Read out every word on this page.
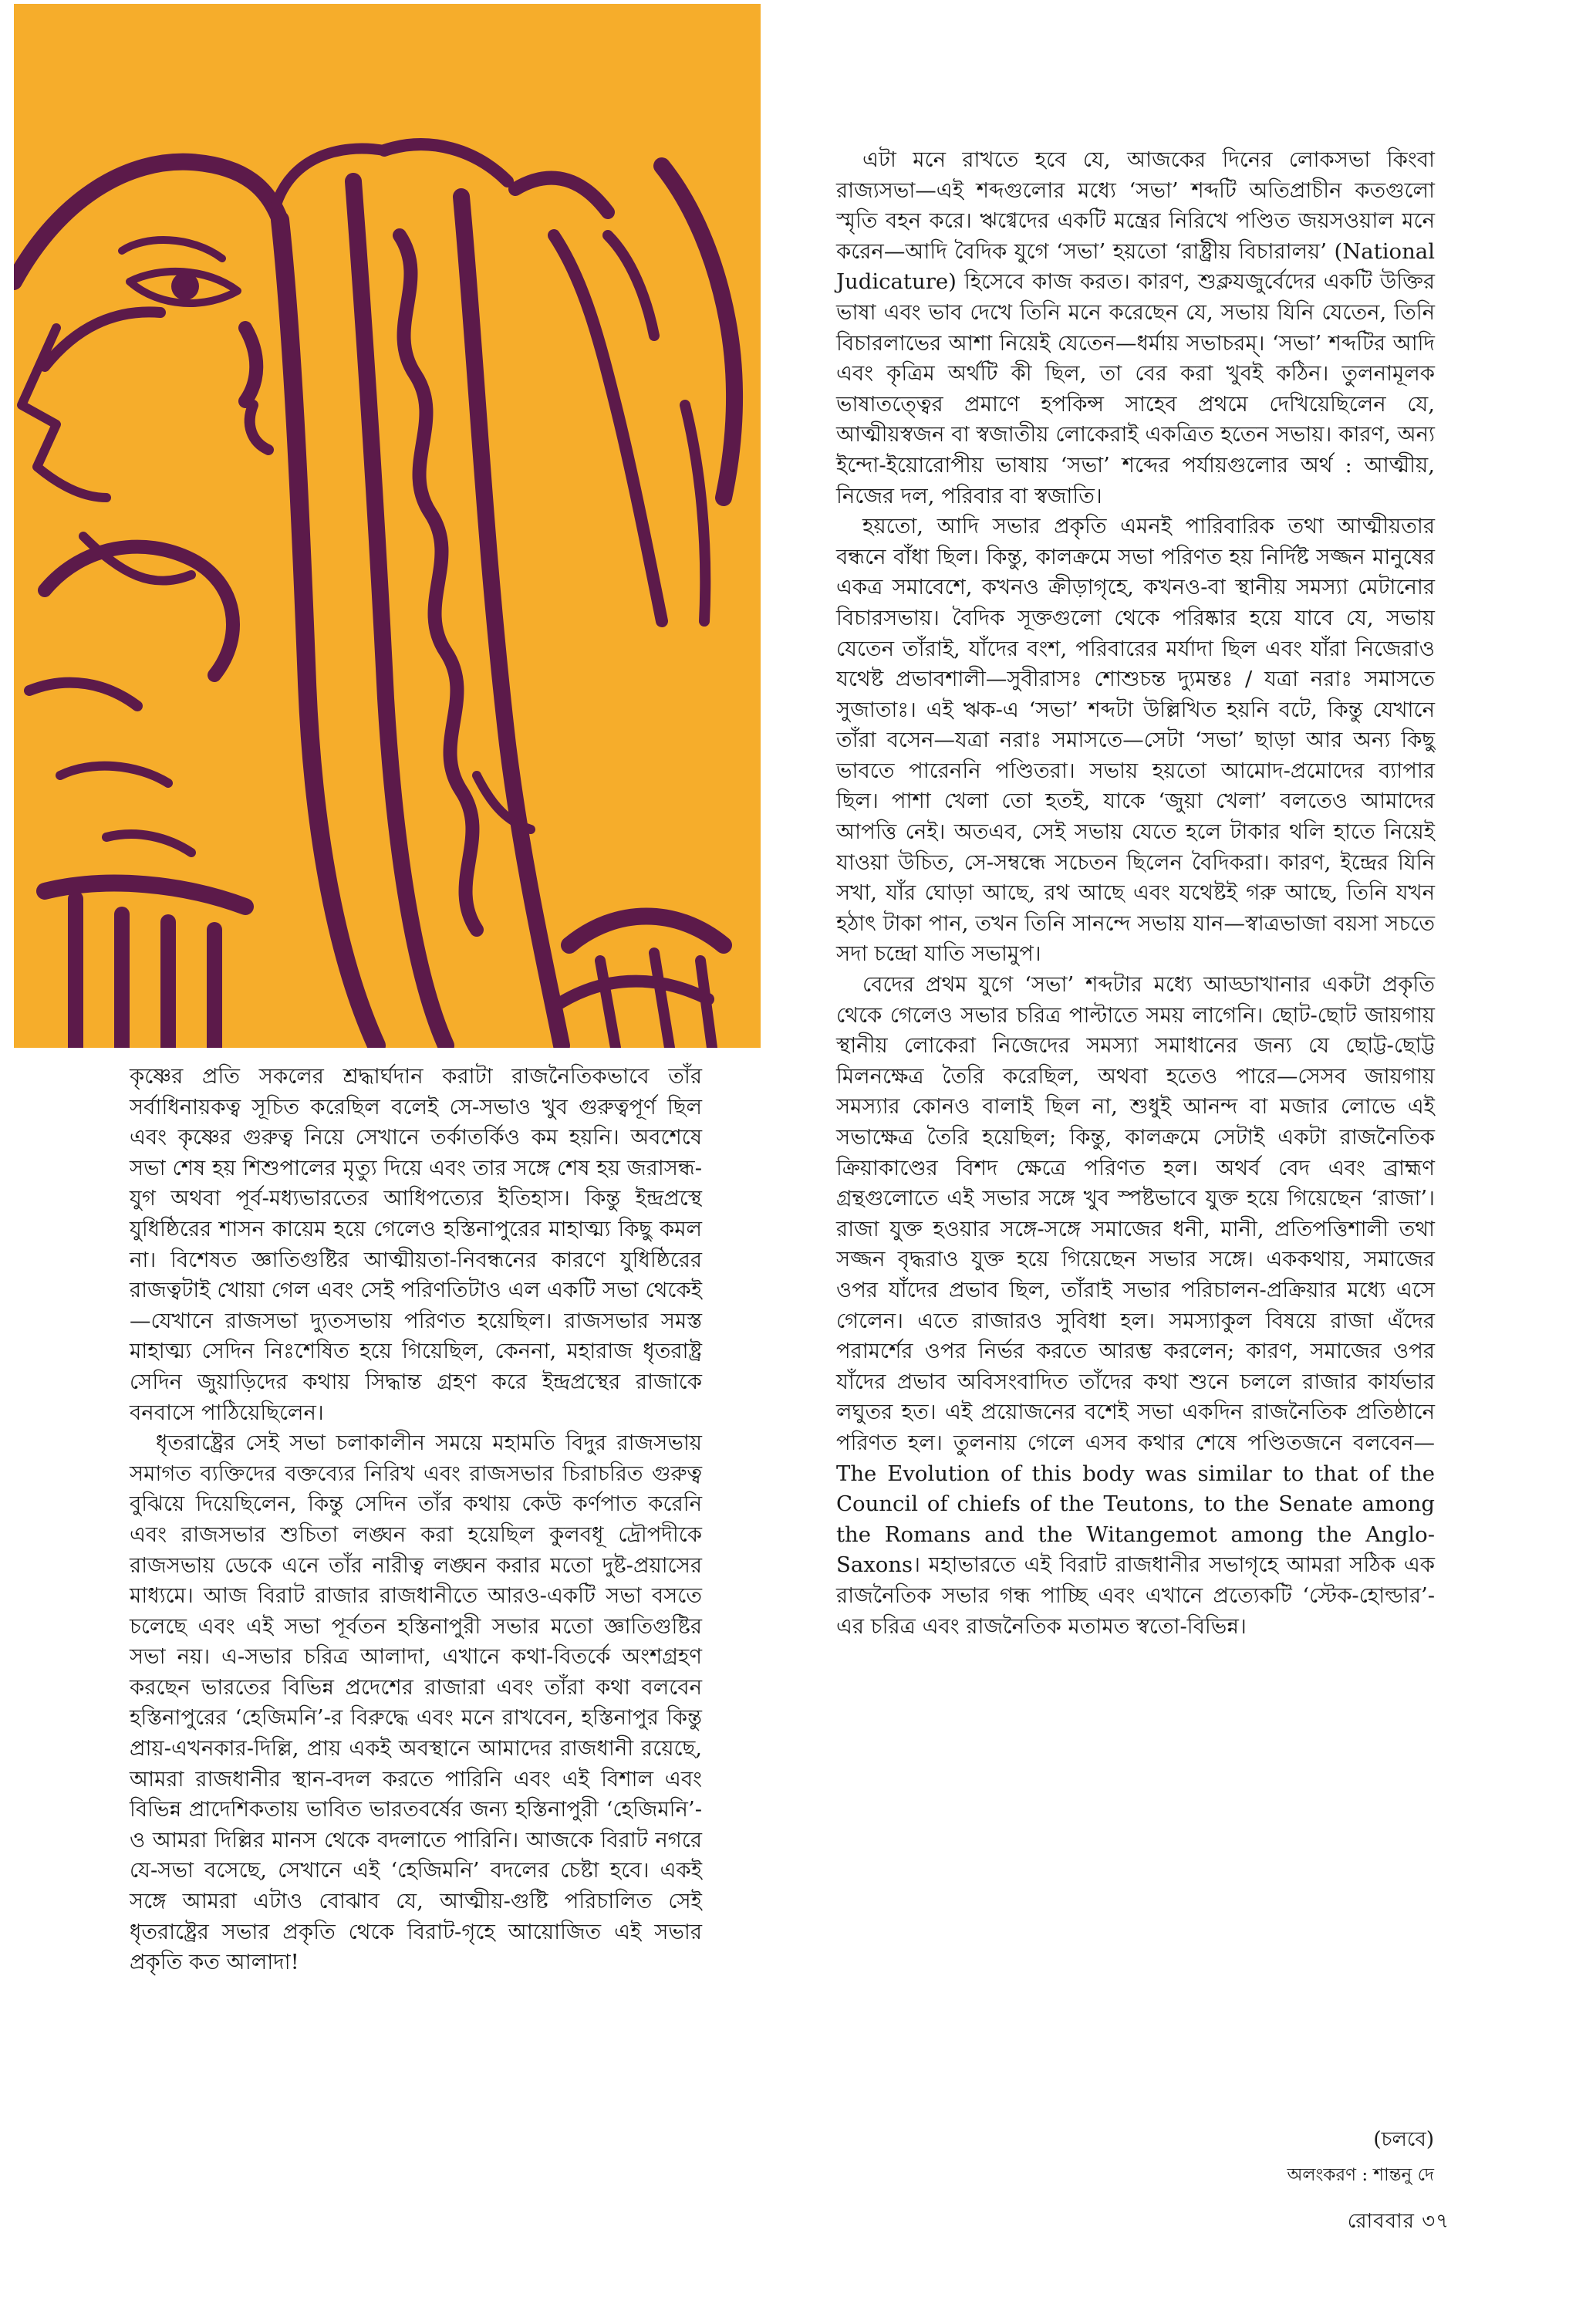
কৃষ্ণের প্রতি সকলের শ্রদ্ধার্ঘদান করাটা রাজনৈতিকভাবে তাঁর সর্বাধিনায়কত্ব সূচিত করেছিল বলেই সে-সভাও খুব গুরুত্বপূর্ণ ছিল এবং কৃষ্ণের গুরুত্ব নিয়ে সেখানে তর্কাতর্কিও কম হয়নি। অবশেষে সভা শেষ হয় শিশুপালের মৃত্যু দিয়ে এবং তার সঙ্গে শেষ হয় জরাসন্ধ-যুগ অথবা পূর্ব-মধ্যভারতের আধিপত্যের ইতিহাস। কিন্তু ইন্দ্রপ্রস্থে যুধিষ্ঠিরের শাসন কায়েম হয়ে গেলেও হস্তিনাপুরের মাহাত্ম্য কিছু কমল না। বিশেষত জ্ঞাতিগুষ্টির আত্মীয়তা-নিবন্ধনের কারণে যুধিষ্ঠিরের রাজত্বটাই খোয়া গেল এবং সেই পরিণতিটাও এল একটি সভা থেকেই—যেখানে রাজসভা দ্যুতসভায় পরিণত হয়েছিল। রাজসভার সমস্ত মাহাত্ম্য সেদিন নিঃশেষিত হয়ে গিয়েছিল, কেননা, মহারাজ ধৃতরাষ্ট্র সেদিন জুয়াড়িদের কথায় সিদ্ধান্ত গ্রহণ করে ইন্দ্রপ্রস্থের রাজাকে বনবাসে পাঠিয়েছিলেন।

ধৃতরাষ্ট্রের সেই সভা চলাকালীন সময়ে মহামতি বিদুর রাজসভায় সমাগত ব্যক্তিদের বক্তব্যের নিরিখ এবং রাজসভার চিরাচরিত গুরুত্ব বুঝিয়ে দিয়েছিলেন, কিন্তু সেদিন তাঁর কথায় কেউ কর্ণপাত করেনি এবং রাজসভার শুচিতা লঙ্ঘন করা হয়েছিল কুলবধূ দ্রৌপদীকে রাজসভায় ডেকে এনে তাঁর নারীত্ব লঙ্ঘন করার মতো দুষ্ট-প্রয়াসের মাধ্যমে। আজ বিরাট রাজার রাজধানীতে আরও-একটি সভা বসতে চলেছে এবং এই সভা পূর্বতন হস্তিনাপুরী সভার মতো জ্ঞাতিগুষ্টির সভা নয়। এ-সভার চরিত্র আলাদা, এখানে কথা-বিতর্কে অংশগ্রহণ করছেন ভারতের বিভিন্ন প্রদেশের রাজারা এবং তাঁরা কথা বলবেন হস্তিনাপুরের ‘হেজিমনি’-র বিরুদ্ধে এবং মনে রাখবেন, হস্তিনাপুর কিন্তু প্রায়-এখনকার-দিল্লি, প্রায় একই অবস্থানে আমাদের রাজধানী রয়েছে, আমরা রাজধানীর স্থান-বদল করতে পারিনি এবং এই বিশাল এবং বিভিন্ন প্রাদেশিকতায় ভাবিত ভারতবর্ষের জন্য হস্তিনাপুরী ‘হেজিমনি’-ও আমরা দিল্লির মানস থেকে বদলাতে পারিনি। আজকে বিরাট নগরে যে-সভা বসেছে, সেখানে এই ‘হেজিমনি’ বদলের চেষ্টা হবে। একই সঙ্গে আমরা এটাও বোঝাব যে, আত্মীয়-গুষ্টি পরিচালিত সেই ধৃতরাষ্ট্রের সভার প্রকৃতি থেকে বিরাট-গৃহে আয়োজিত এই সভার প্রকৃতি কত আলাদা!

এটা মনে রাখতে হবে যে, আজকের দিনের লোকসভা কিংবা রাজ্যসভা—এই শব্দগুলোর মধ্যে ‘সভা’ শব্দটি অতিপ্রাচীন কতগুলো স্মৃতি বহন করে। ঋগ্বেদের একটি মন্ত্রের নিরিখে পণ্ডিত জয়সওয়াল মনে করেন—আদি বৈদিক যুগে ‘সভা’ হয়তো ‘রাষ্ট্রীয় বিচারালয়’ (National Judicature) হিসেবে কাজ করত। কারণ, শুক্লযজুর্বেদের একটি উক্তির ভাষা এবং ভাব দেখে তিনি মনে করেছেন যে, সভায় যিনি যেতেন, তিনি বিচারলাভের আশা নিয়েই যেতেন—ধর্মায় সভাচরম্। ‘সভা’ শব্দটির আদি এবং কৃত্রিম অর্থটি কী ছিল, তা বের করা খুবই কঠিন। তুলনামূলক ভাষাতত্ত্বের প্রমাণে হপকিন্স সাহেব প্রথমে দেখিয়েছিলেন যে, আত্মীয়স্বজন বা স্বজাতীয় লোকেরাই একত্রিত হতেন সভায়। কারণ, অন্য ইন্দো-ইয়োরোপীয় ভাষায় ‘সভা’ শব্দের পর্যায়গুলোর অর্থ : আত্মীয়, নিজের দল, পরিবার বা স্বজাতি।

হয়তো, আদি সভার প্রকৃতি এমনই পারিবারিক তথা আত্মীয়তার বন্ধনে বাঁধা ছিল। কিন্তু, কালক্রমে সভা পরিণত হয় নির্দিষ্ট সজ্জন মানুষের একত্র সমাবেশে, কখনও ক্রীড়াগৃহে, কখনও-বা স্থানীয় সমস্যা মেটানোর বিচারসভায়। বৈদিক সূক্তগুলো থেকে পরিষ্কার হয়ে যাবে যে, সভায় যেতেন তাঁরাই, যাঁদের বংশ, পরিবারের মর্যাদা ছিল এবং যাঁরা নিজেরাও যথেষ্ট প্রভাবশালী—সুবীরাসঃ শোশুচন্ত দ্যুমন্তঃ / যত্রা নরাঃ সমাসতে সুজাতাঃ। এই ঋক-এ ‘সভা’ শব্দটা উল্লিখিত হয়নি বটে, কিন্তু যেখানে তাঁরা বসেন—যত্রা নরাঃ সমাসতে—সেটা ‘সভা’ ছাড়া আর অন্য কিছু ভাবতে পারেননি পণ্ডিতরা। সভায় হয়তো আমোদ-প্রমোদের ব্যাপার ছিল। পাশা খেলা তো হতই, যাকে ‘জুয়া খেলা’ বলতেও আমাদের আপত্তি নেই। অতএব, সেই সভায় যেতে হলে টাকার থলি হাতে নিয়েই যাওয়া উচিত, সে-সম্বন্ধে সচেতন ছিলেন বৈদিকরা। কারণ, ইন্দ্রের যিনি সখা, যাঁর ঘোড়া আছে, রথ আছে এবং যথেষ্টই গরু আছে, তিনি যখন হঠাৎ টাকা পান, তখন তিনি সানন্দে সভায় যান—স্বাত্রভাজা বয়সা সচতে সদা চন্দ্রো যাতি সভামুপ।

বেদের প্রথম যুগে ‘সভা’ শব্দটার মধ্যে আড্ডাখানার একটা প্রকৃতি থেকে গেলেও সভার চরিত্র পাল্টাতে সময় লাগেনি। ছোট-ছোট জায়গায় স্থানীয় লোকেরা নিজেদের সমস্যা সমাধানের জন্য যে ছোট্ট-ছোট্ট মিলনক্ষেত্র তৈরি করেছিল, অথবা হতেও পারে—সেসব জায়গায় সমস্যার কোনও বালাই ছিল না, শুধুই আনন্দ বা মজার লোভে এই সভাক্ষেত্র তৈরি হয়েছিল; কিন্তু, কালক্রমে সেটাই একটা রাজনৈতিক ক্রিয়াকাণ্ডের বিশদ ক্ষেত্রে পরিণত হল। অথর্ব বেদ এবং ব্রাহ্মণ গ্রন্থগুলোতে এই সভার সঙ্গে খুব স্পষ্টভাবে যুক্ত হয়ে গিয়েছেন ‘রাজা’। রাজা যুক্ত হওয়ার সঙ্গে-সঙ্গে সমাজের ধনী, মানী, প্রতিপত্তিশালী তথা সজ্জন বৃদ্ধরাও যুক্ত হয়ে গিয়েছেন সভার সঙ্গে। এককথায়, সমাজের ওপর যাঁদের প্রভাব ছিল, তাঁরাই সভার পরিচালন-প্রক্রিয়ার মধ্যে এসে গেলেন। এতে রাজারও সুবিধা হল। সমস্যাকুল বিষয়ে রাজা এঁদের পরামর্শের ওপর নির্ভর করতে আরম্ভ করলেন; কারণ, সমাজের ওপর যাঁদের প্রভাব অবিসংবাদিত তাঁদের কথা শুনে চললে রাজার কার্যভার লঘুতর হত। এই প্রয়োজনের বশেই সভা একদিন রাজনৈতিক প্রতিষ্ঠানে পরিণত হল। তুলনায় গেলে এসব কথার শেষে পণ্ডিতজনে বলবেন—The Evolution of this body was similar to that of the Council of chiefs of the Teutons, to the Senate among the Romans and the Witangemot among the Anglo-Saxons। মহাভারতে এই বিরাট রাজধানীর সভাগৃহে আমরা সঠিক এক রাজনৈতিক সভার গন্ধ পাচ্ছি এবং এখানে প্রত্যেকটি ‘স্টেক-হোল্ডার’-এর চরিত্র এবং রাজনৈতিক মতামত স্বতো-বিভিন্ন।

(চলবে)
অলংকরণ : শান্তনু দে
রোববার ৩৭
